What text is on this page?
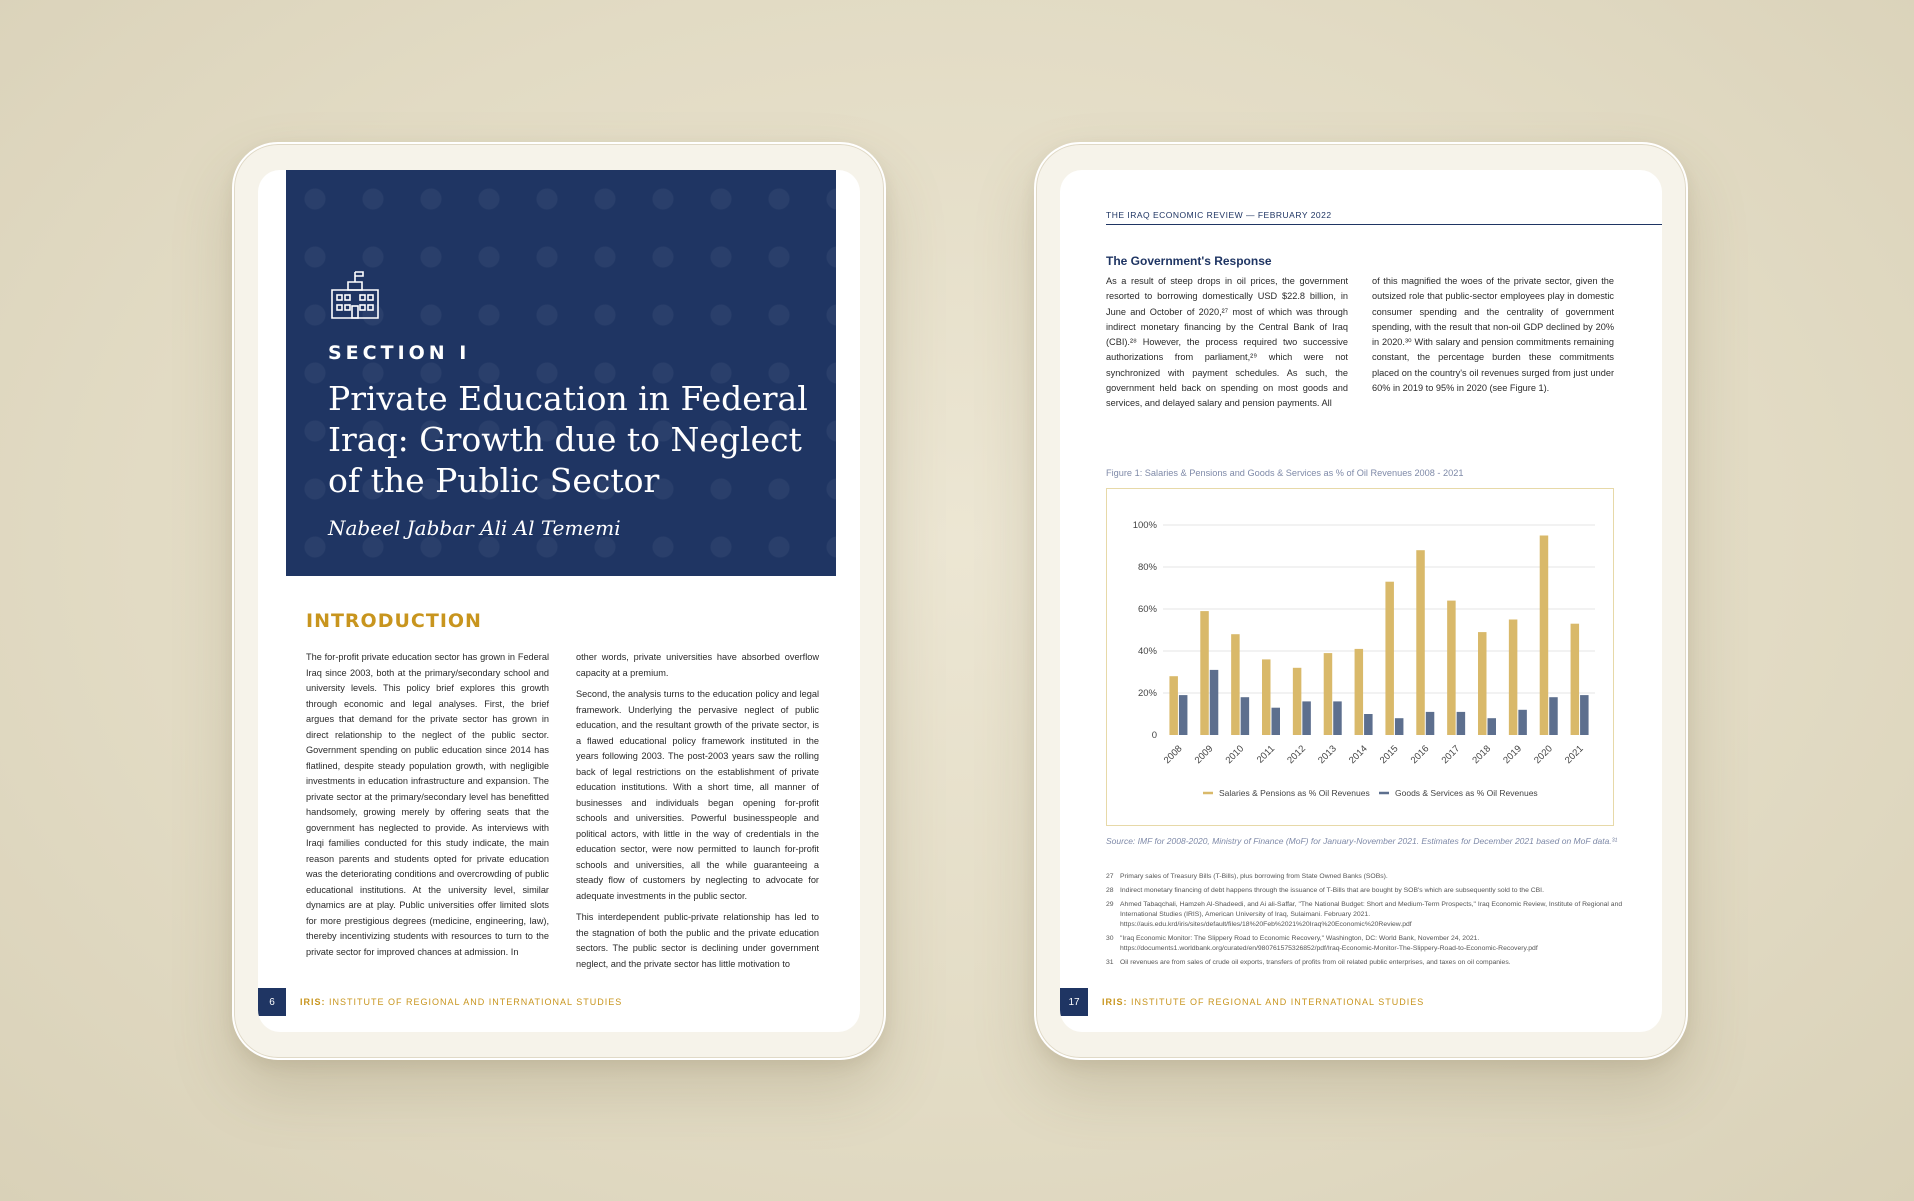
SECTION I
Private Education in Federal Iraq: Growth due to Neglect of the Public Sector
Nabeel Jabbar Ali Al Tememi
INTRODUCTION

The for-profit private education sector has grown in Federal Iraq since 2003, both at the primary/secondary school and university levels. This policy brief explores this growth through economic and legal analyses. First, the brief argues that demand for the private sector has grown in direct relationship to the neglect of the public sector. Government spending on public education since 2014 has flatlined, despite steady population growth, with negligible investments in education infrastructure and expansion. The private sector at the primary/secondary level has benefitted handsomely, growing merely by offering seats that the government has neglected to provide. As interviews with Iraqi families conducted for this study indicate, the main reason parents and students opted for private education was the deteriorating conditions and overcrowding of public educational institutions. At the university level, similar dynamics are at play. Public universities offer limited slots for more prestigious degrees (medicine, engineering, law), thereby incentivizing students with resources to turn to the private sector for improved chances at admission. In

other words, private universities have absorbed overflow capacity at a premium.

Second, the analysis turns to the education policy and legal framework. Underlying the pervasive neglect of public education, and the resultant growth of the private sector, is a flawed educational policy framework instituted in the years following 2003. The post-2003 years saw the rolling back of legal restrictions on the establishment of private education institutions. With a short time, all manner of businesses and individuals began opening for-profit schools and universities. Powerful businesspeople and political actors, with little in the way of credentials in the education sector, were now permitted to launch for-profit schools and universities, all the while guaranteeing a steady flow of customers by neglecting to advocate for adequate investments in the public sector.

This interdependent public-private relationship has led to the stagnation of both the public and the private education sectors. The public sector is declining under government neglect, and the private sector has little motivation to

6	IRIS: INSTITUTE OF REGIONAL AND INTERNATIONAL STUDIES
THE IRAQ ECONOMIC REVIEW — FEBRUARY 2022
The Government's Response
As a result of steep drops in oil prices, the government resorted to borrowing domestically USD $22.8 billion, in June and October of 2020,²⁷ most of which was through indirect monetary financing by the Central Bank of Iraq (CBI).²⁸ However, the process required two successive authorizations from parliament,²⁹ which were not synchronized with payment schedules. As such, the government held back on spending on most goods and services, and delayed salary and pension payments. All
of this magnified the woes of the private sector, given the outsized role that public-sector employees play in domestic consumer spending and the centrality of government spending, with the result that non-oil GDP declined by 20% in 2020.³⁰ With salary and pension commitments remaining constant, the percentage burden these commitments placed on the country's oil revenues surged from just under 60% in 2019 to 95% in 2020 (see Figure 1).
Figure 1: Salaries & Pensions and Goods & Services as % of Oil Revenues 2008 - 2021
0
20%
40%
60%
80%
100%
2008 2009 2010 2011 2012 2013 2014 2015 2016 2017 2018 2019 2020 2021
Salaries & Pensions as % Oil Revenues	Goods & Services as % Oil Revenues
Source: IMF for 2008-2020, Ministry of Finance (MoF) for January-November 2021. Estimates for December 2021 based on MoF data.³¹
27 Primary sales of Treasury Bills (T-Bills), plus borrowing from State Owned Banks (SOBs).
28 Indirect monetary financing of debt happens through the issuance of T-Bills that are bought by SOB's which are subsequently sold to the CBI.
29 Ahmed Tabaqchali, Hamzeh Al-Shadeedi, and Ai ali-Saffar, "The National Budget: Short and Medium-Term Prospects," Iraq Economic Review, Institute of Regional and International Studies (IRIS), American University of Iraq, Sulaimani. February 2021. https://auis.edu.krd/iris/sites/default/files/18%20Feb%2021%20Iraq%20Economic%20Review.pdf
30 "Iraq Economic Monitor: The Slippery Road to Economic Recovery," Washington, DC: World Bank, November 24, 2021. https://documents1.worldbank.org/curated/en/980761575326852/pdf/Iraq-Economic-Monitor-The-Slippery-Road-to-Economic-Recovery.pdf
31 Oil revenues are from sales of crude oil exports, transfers of profits from oil related public enterprises, and taxes on oil companies.
17	IRIS: INSTITUTE OF REGIONAL AND INTERNATIONAL STUDIES
